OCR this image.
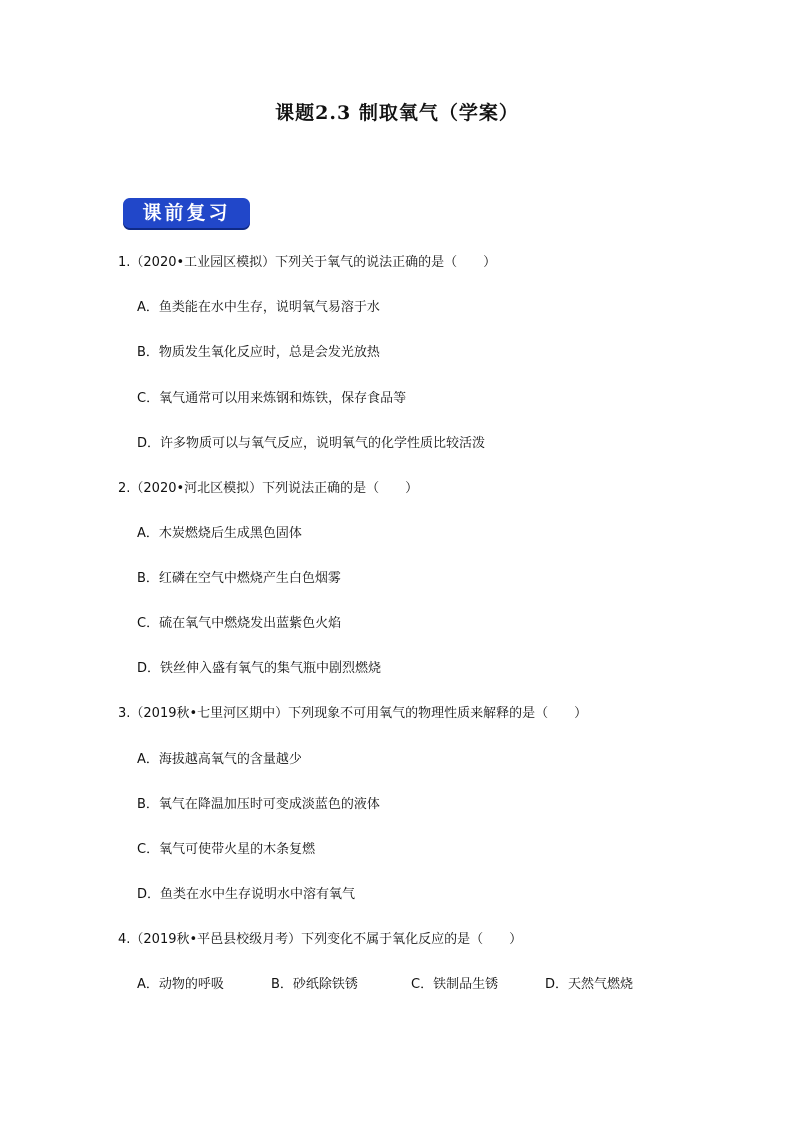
课题2.3 制取氧气（学案）
课前复习
1.（2020•工业园区模拟）下列关于氧气的说法正确的是（　　）
A．鱼类能在水中生存，说明氧气易溶于水
B．物质发生氧化反应时，总是会发光放热
C．氧气通常可以用来炼钢和炼铁，保存食品等
D．许多物质可以与氧气反应，说明氧气的化学性质比较活泼
2.（2020•河北区模拟）下列说法正确的是（　　）
A．木炭燃烧后生成黑色固体
B．红磷在空气中燃烧产生白色烟雾
C．硫在氧气中燃烧发出蓝紫色火焰
D．铁丝伸入盛有氧气的集气瓶中剧烈燃烧
3.（2019秋•七里河区期中）下列现象不可用氧气的物理性质来解释的是（　　）
A．海拔越高氧气的含量越少
B．氧气在降温加压时可变成淡蓝色的液体
C．氧气可使带火星的木条复燃
D．鱼类在水中生存说明水中溶有氧气
4.（2019秋•平邑县校级月考）下列变化不属于氧化反应的是（　　）
A．动物的呼吸	B．砂纸除铁锈	C．铁制品生锈	D．天然气燃烧
